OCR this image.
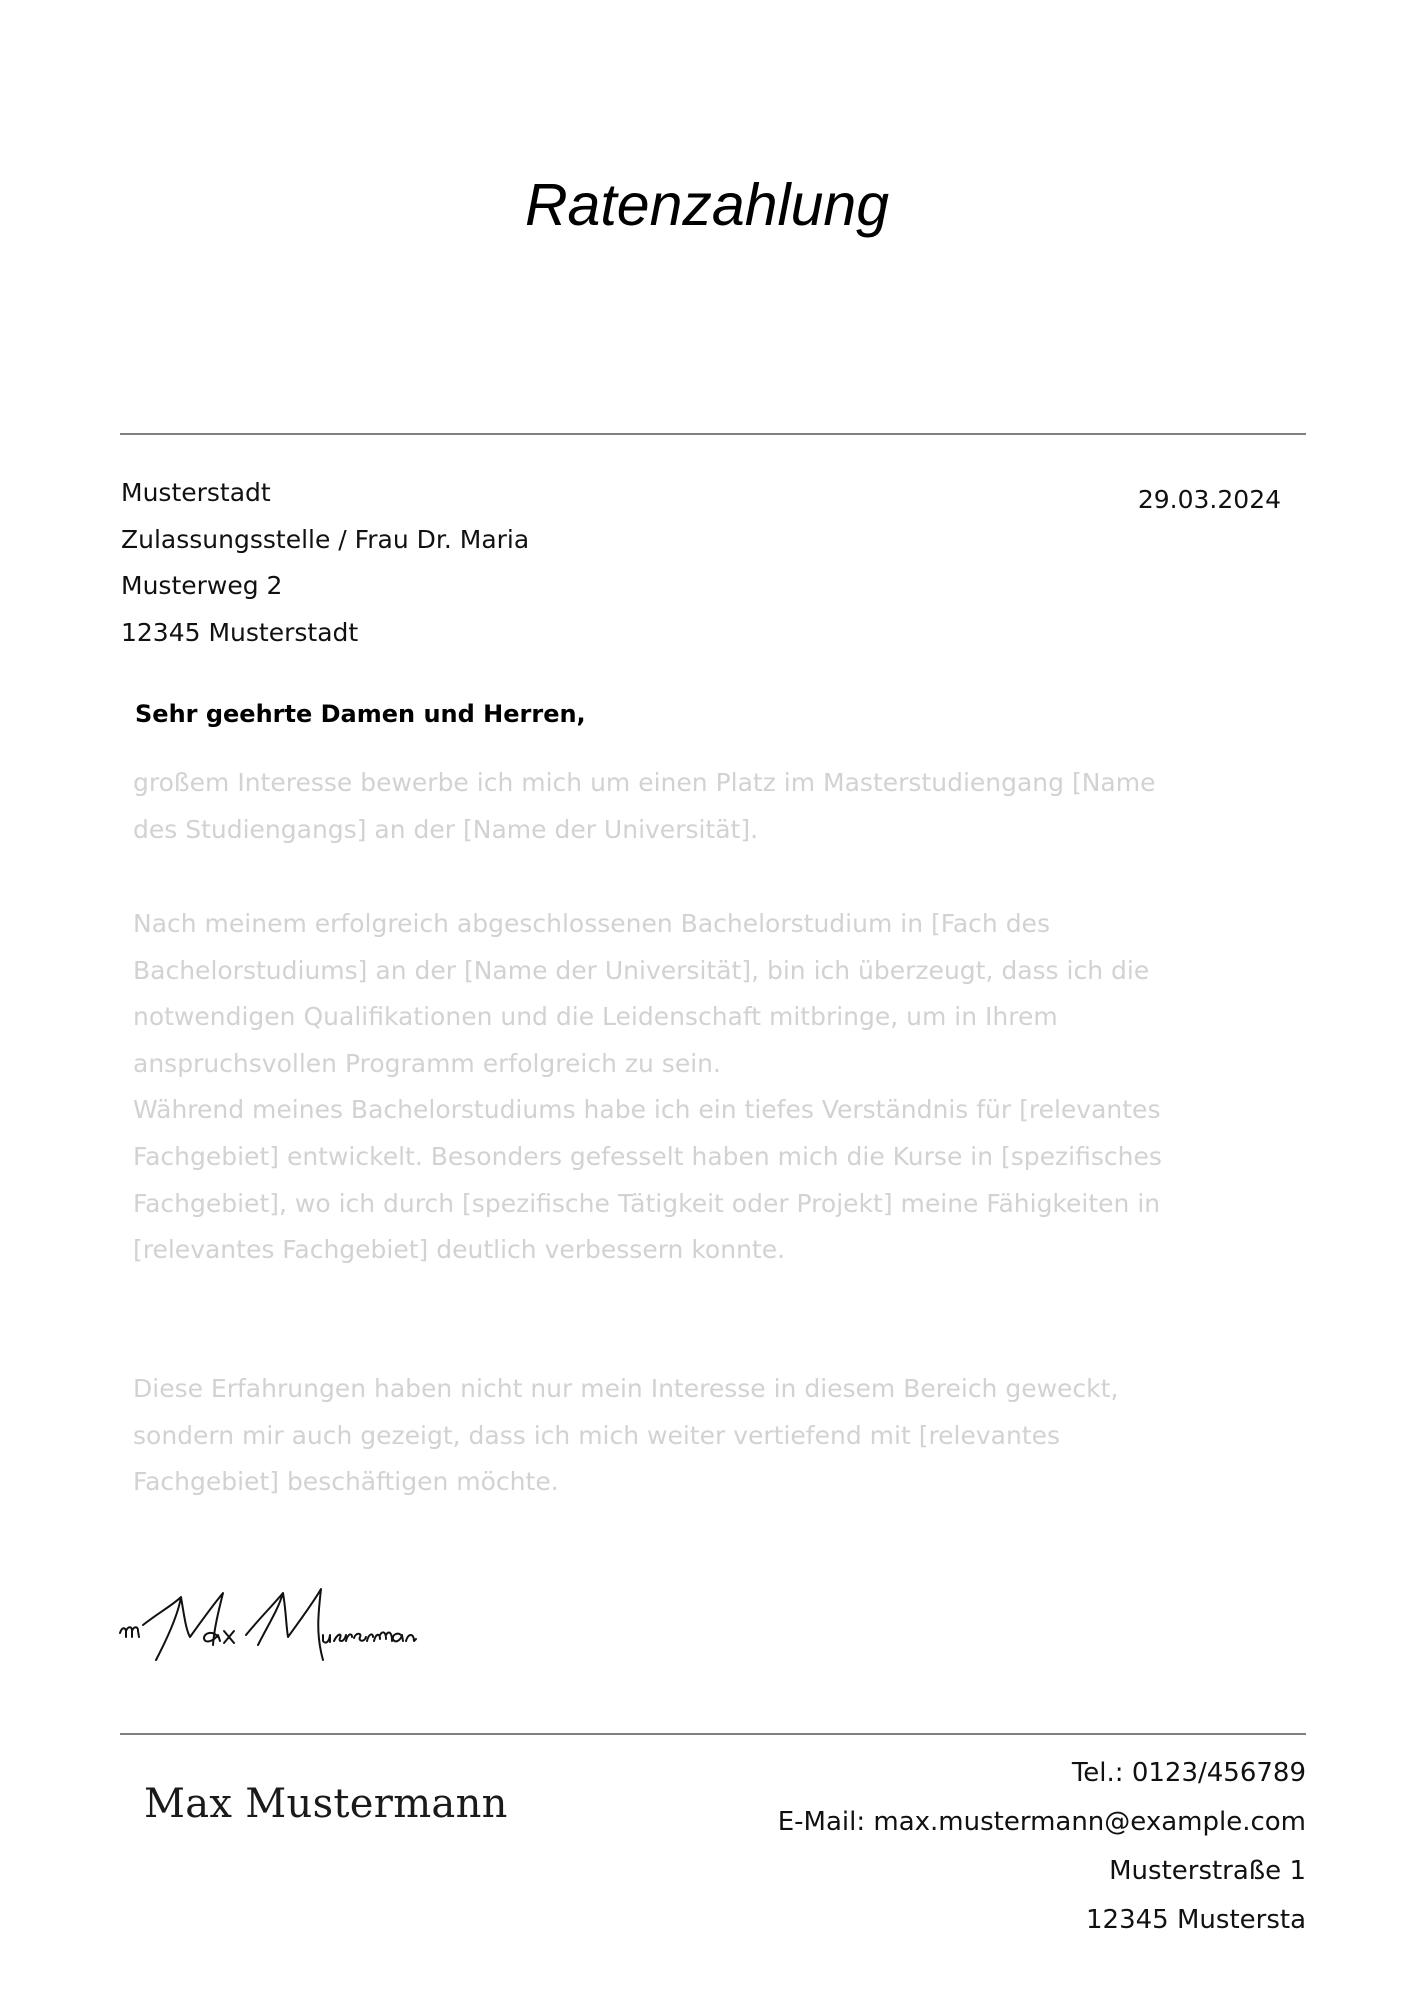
Ratenzahlung
Musterstadt
Zulassungsstelle / Frau Dr. Maria
Musterweg 2
12345 Musterstadt
29.03.2024
Sehr geehrte Damen und Herren,
großem Interesse bewerbe ich mich um einen Platz im Masterstudiengang [Name
des Studiengangs] an der [Name der Universität].
Nach meinem erfolgreich abgeschlossenen Bachelorstudium in [Fach des
Bachelorstudiums] an der [Name der Universität], bin ich überzeugt, dass ich die
notwendigen Qualifikationen und die Leidenschaft mitbringe, um in Ihrem
anspruchsvollen Programm erfolgreich zu sein.
Während meines Bachelorstudiums habe ich ein tiefes Verständnis für [relevantes
Fachgebiet] entwickelt. Besonders gefesselt haben mich die Kurse in [spezifisches
Fachgebiet], wo ich durch [spezifische Tätigkeit oder Projekt] meine Fähigkeiten in
[relevantes Fachgebiet] deutlich verbessern konnte.
Diese Erfahrungen haben nicht nur mein Interesse in diesem Bereich geweckt,
sondern mir auch gezeigt, dass ich mich weiter vertiefend mit [relevantes
Fachgebiet] beschäftigen möchte.
Max Mustermann
Tel.: 0123/456789
E-Mail: max.mustermann@example.com
Musterstraße 1
12345 Mustersta
